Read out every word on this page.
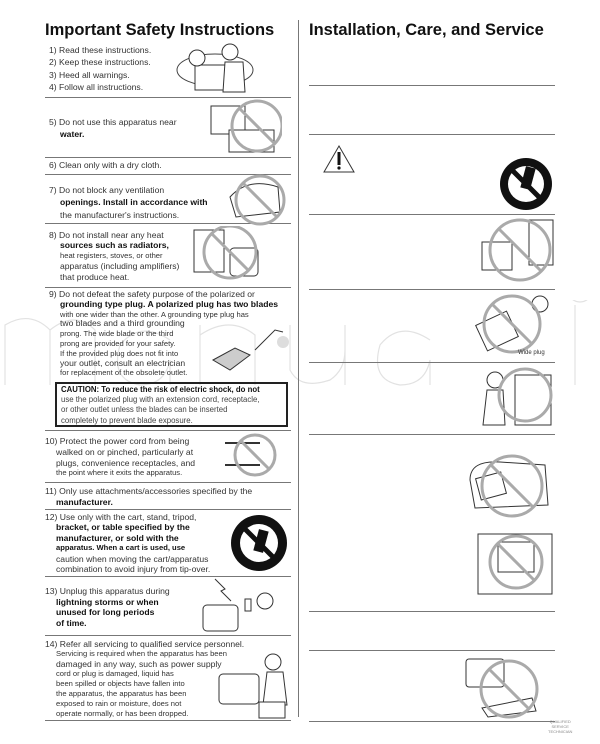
Important Safety Instructions Installation, Care, and Service
1) Read these instructions.
2) Keep these instructions.
3) Heed all warnings.
4) Follow all instructions.
5) Do not use this apparatus near
water.
6) Clean only with a dry cloth.
7) Do not block any ventilation
openings. Install in accordance with
the manufacturer's instructions.
8) Do not install near any heat
sources such as radiators,
heat registers, stoves, or other
apparatus (including amplifiers)
that produce heat.
9) Do not defeat the safety purpose of the polarized or
grounding type plug. A polarized plug has two blades
with one wider than the other. A grounding type plug has
two blades and a third grounding
prong. The wide blade or the third
prong are provided for your safety.
If the provided plug does not fit into
your outlet, consult an electrician
for replacement of the obsolete outlet.
CAUTION: To reduce the risk of electric shock, do not
use the polarized plug with an extension cord, receptacle,
or other outlet unless the blades can be inserted
completely to prevent blade exposure.
10) Protect the power cord from being
walked on or pinched, particularly at
plugs, convenience receptacles, and
the point where it exits the apparatus.
11) Only use attachments/accessories specified by the
manufacturer.
12) Use only with the cart, stand, tripod,
bracket, or table specified by the
manufacturer, or sold with the
apparatus. When a cart is used, use
caution when moving the cart/apparatus
combination to avoid injury from tip-over.
13) Unplug this apparatus during
lightning storms or when
unused for long periods
of time.
14) Refer all servicing to qualified service personnel.
Servicing is required when the apparatus has been
damaged in any way, such as power supply
cord or plug is damaged, liquid has
been spilled or objects have fallen into
the apparatus, the apparatus has been
exposed to rain or moisture, does not
operate normally, or has been dropped.
Wide plug
QUALIFIED
SERVICE
TECHNICIAN
